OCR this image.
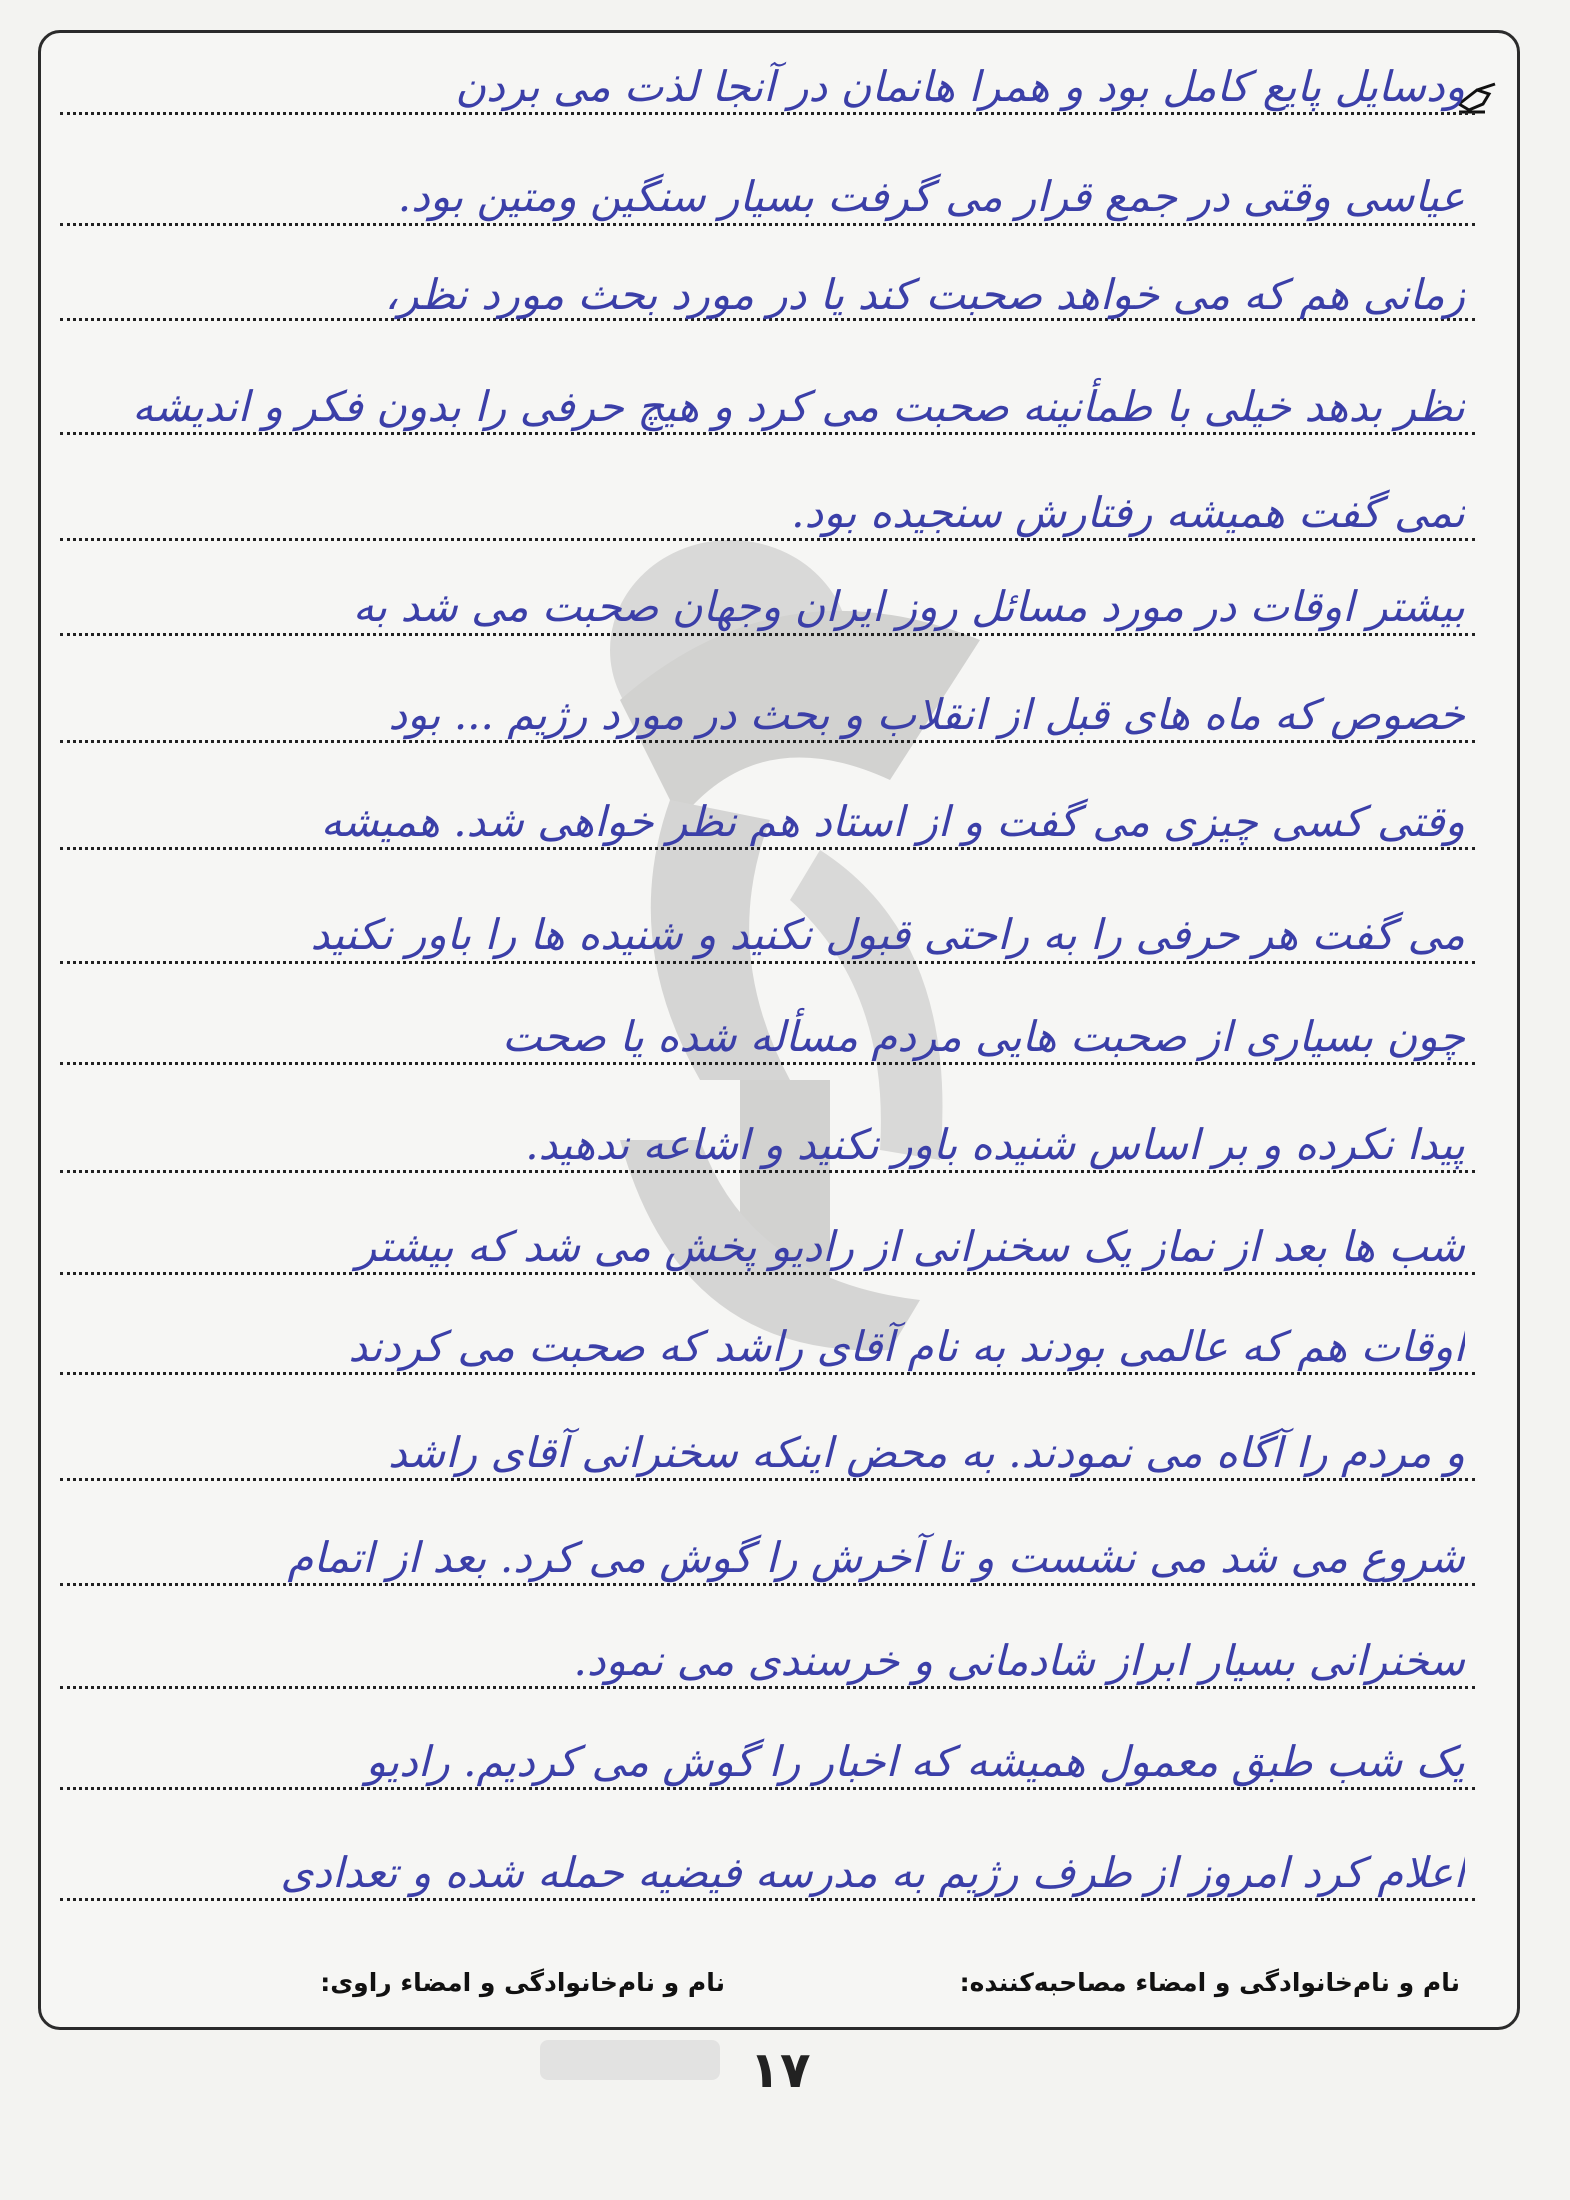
ودسایل پایع کامل بود و همرا هانمان در آنجا لذت می بردن
عیاسی وقتی در جمع قرار می گرفت بسیار سنگین ومتین بود.
زمانی هم که می خواهد صحبت کند یا در مورد بحث مورد نظر،
نظر بدهد خیلی با طمأنینه صحبت می کرد و هیچ حرفی را بدون فکر و اندیشه
نمی گفت همیشه رفتارش سنجیده بود.
بیشتر اوقات در مورد مسائل روز ایران وجهان صحبت می شد به
خصوص که ماه های قبل از انقلاب و بحث در مورد رژیم ... بود
وقتی کسی چیزی می گفت و از استاد هم نظر خواهی شد. همیشه
می گفت هر حرفی را به راحتی قبول نکنید و شنیده ها را باور نکنید
چون بسیاری از صحبت هایی مردم مسأله شده یا صحت
پیدا نکرده و بر اساس شنیده باور نکنید و اشاعه ندهید.
شب ها بعد از نماز یک سخنرانی از رادیو پخش می شد که بیشتر
اوقات هم که عالمی بودند به نام آقای راشد که صحبت می کردند
و مردم را آگاه می نمودند. به محض اینکه سخنرانی آقای راشد
شروع می شد می نشست و تا آخرش را گوش می کرد. بعد از اتمام
سخنرانی بسیار ابراز شادمانی و خرسندی می نمود.
یک شب طبق معمول همیشه که اخبار را گوش می کردیم. رادیو
اعلام کرد امروز از طرف رژیم به مدرسه فیضیه حمله شده و تعدادی
نام و نام‌خانوادگی و امضاء مصاحبه‌کننده:
نام و نام‌خانوادگی و امضاء راوی:
۱۷
